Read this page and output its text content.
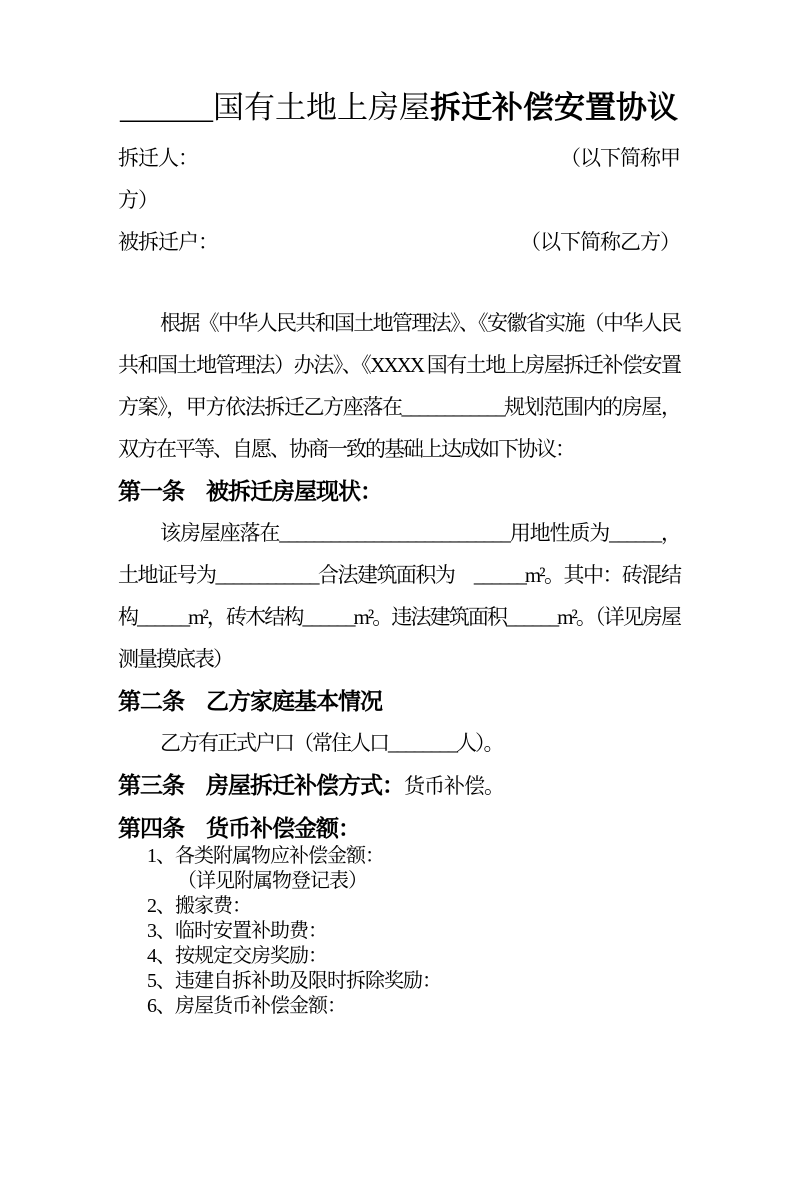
______国有土地上房屋拆迁补偿安置协议
拆迁人：	（以下简称甲
方）
被拆迁户：	（以下简称乙方）

根据《中华人民共和国土地管理法》、《安徽省实施（中华人民共和国土地管理法）办法》、《XXXX 国有土地上房屋拆迁补偿安置方案》，甲方依法拆迁乙方座落在____________规划范围内的房屋，双方在平等、自愿、协商一致的基础上达成如下协议：

第一条　被拆迁房屋现状：

该房屋座落在___________________________用地性质为______，土地证号为____________合法建筑面积为　______m²。其中：砖混结构______m²，砖木结构______m²。违法建筑面积______m²。（详见房屋测量摸底表）

第二条　乙方家庭基本情况

乙方有正式户口（常住人口________人）。

第三条　房屋拆迁补偿方式：货币补偿。
第四条　货币补偿金额：
1、各类附属物应补偿金额：
（详见附属物登记表）
2、搬家费：
3、临时安置补助费：
4、按规定交房奖励：
5、违建自拆补助及限时拆除奖励：
6、房屋货币补偿金额：
